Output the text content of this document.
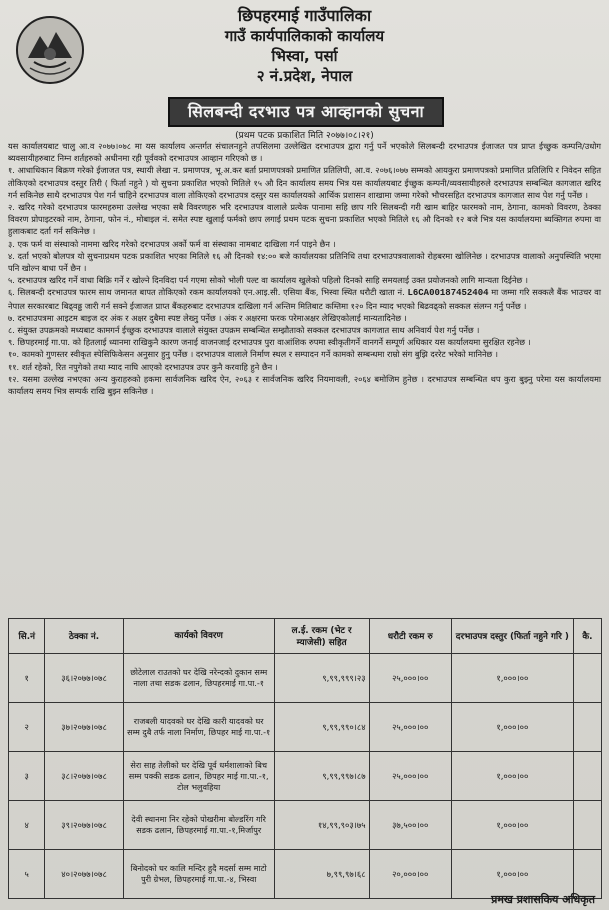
छिपहरमाई गाउँपालिका
गाउँ कार्यपालिकाको कार्यालय
भिस्वा, पर्सा
२ नं.प्रदेश, नेपाल
सिलबन्दी दरभाउ पत्र आव्हानको सुचना
(प्रथम पटक प्रकाशित मिति २०७७।०८।२१)

यस कार्यालयबाट चालु आ.व २०७७।०७८ मा यस कार्यालय अन्तर्गत संचालनहुने तपसिलमा उल्लेखित दरभाउपत्र द्वारा गर्नु पर्ने भएकोले सिलबन्दी दरभाउपत्र ईजाजत पत्र प्राप्त ईच्छुक कम्पनि/उधोग ब्यवसायीहरुबाट निम्न शर्तहरुको अधीनमा रही पूर्ववको दरभाउपत्र आव्हान गरिएको छ ।

१. आधाधिकान बिक्रण गरेको ईजाजत पत्र, स्थायी लेखा न. प्रमाणपत्र, भू.अ.कर बर्ता प्रमाणपत्रको प्रमाणित प्रतिलिपी, आ.व. २०७६।०७७ सम्मको आयकुरा प्रमाणपत्रको प्रमाणित प्रतिलिपि र निवेदन सहित तोकिएको दरभाउपत्र दस्तुर तिरी ( फिर्ता नहुने ) यो सुचना प्रकाशित भएको मितिले १५ औ दिन कार्यालय समय भित्र यस कार्यालयबाट ईच्छुक कम्पनी/व्यवसायीहरुले दरभाउपत्र सम्बन्धित कागजात खरिद गर्न सकिनेछ साथै दरभाउपत्र पेश गर्न चाहिने दरभाउपत्र वाला तोकिएको दरभाउपत्र दस्तुर यस कार्यालयको आर्थिक प्रशासन शाखामा जम्मा गरेको भौचरसहित दरभाउपत्र कागजात साथ पेश गर्नु पर्नेछ ।

२. खरिद गरेको दरभाउपत्र फारमहरुमा उल्लेख भएका सबै विवरणहरु भरि दरभाउपत्र वालाले प्रत्येक पानामा सहि छाप गरि सिलबन्दी गरी खाम बाहिर फारमको नाम, ठेगाना, कामको विवरण, ठेक्का विवरण प्रोपाइटरको नाम, ठेगाना, फोन नं., मोबाइल नं. समेत स्पष्ट खुलाई फर्मको छाप लगाई प्रथम पटक सुचना प्रकाशित भएको मितिले १६ औ दिनको १२ बजे भित्र यस कार्यालयमा ब्यक्तिगत रुपमा वा हुलाकबाट दर्ता गर्न सकिनेछ ।

३. एक फर्म वा संस्थाको नाममा खरिद गरेको दरभाउपत्र अर्को फर्म वा संस्थाका नामबाट दाखिला गर्न पाइने छैन ।

४. दर्ता भएको बोलपत्र यो सुचनाप्रथम पटक प्रकाशित भएका मितिले १६ औ दिनको १४:०० बजे कार्यालयका प्रतिनिधि तथा दरभाउपत्रवालाको रोहबरमा खोलिनेछ । दरभाउपत्र वालाको अनुपस्थिति भएमा पनि खोल्न बाधा पर्ने छैन ।

५. दरभाउपत्र खरिद गर्ने वाधा बिक्रि गर्ने र खोल्ने दिनविदा पर्न गएमा सोको भोली पल्ट वा कार्यालय खुलेको पहिलो दिनको साहि समयलाई उक्त प्रयोजनको लागि मान्यता दिईनेछ ।

६. सिलबन्दी दरभाउपत्र फारम साथ जमानत बापत तोकिएको रकम कार्यालयको एन.आइ.सी. एसिया बैंक, भिस्वा स्थित धरौटी खाता नं. L6CA00187452404 मा जम्मा गरि सक्कलै बैंक भाउचर वा नेपाल सरकारबाट बिढ्वढ्ढ जारी गर्न सक्ने ईजाजत प्राप्त बैंकहरुबाट दरभाउपत्र दाखिला गर्न अन्तिम मितिबाट कम्तिमा १२० दिन म्याद भएको बिढवढ्को सक्कल संलग्न गर्नु पर्नेछ ।

७. दरभाउपत्रमा आइटम बाइज दर अंक र अक्षर दुबैमा स्पष्ट लेख्नु पर्नेछ । अंक र अक्षरमा फरक परेमाअक्षर लेखिएकोलाई मान्यतादिनेछ ।

८. संयुक्त उपक्रमको मध्यबाट कामगर्न ईच्छुक दरभाउपत्र वालाले संयुक्त उपक्रम सम्बन्धित सम्झौताको सक्कल दरभाउपत्र कागजात साथ अनिवार्य पेश गर्नु पर्नेछ ।

९. छिपहरमाई गा.पा. को हितलाई ध्यानमा राखिकुनै कारण जनाई वाजनजाई दरभाउपत्र पुरा वाआंशिक रुपमा स्वीकृतीगर्ने वानगर्ने सम्पूर्ण अधिकार यस कार्यालयमा सुरक्षित रहनेछ ।

१०. कामको गुणस्तर स्वीकृत स्पेसिफिकेसन अनुसार हुनु पर्नेछ । दरभाउपत्र वालाले निर्माण स्थल र सम्पादन गर्ने कामको सम्बन्धमा राम्रो संग बुझि दररेट भरेको मानिनेछ ।

११. शर्त रहेको, रित नपुगेको तथा म्याद नाघि आएको दरभाउपत्र उपर कुनै करवाहि हुने छैन ।

१२. यसमा उल्लेख नभएका अन्य कुराहरुको हकमा सार्वजनिक खरिद ऐन, २०६३ र सार्वजनिक खरिद नियमावली, २०६४ बमोजिम हुनेछ । दरभाउपत्र सम्बन्धित थप कुरा बुझ्नु परेमा यस कार्यालयमा कार्यालय समय भित्र सम्पर्क राखि बुझ्न सकिनेछ ।

सि.नं	ठेक्का नं.	कार्यको विवरण	ल.ई. रकम (भेट र म्याजेसी) सहित	धरौटी रकम रु	दरभाउपत्र दस्तुर (फिर्ता नहुने गरि )	कै.
१	३६।२०७७।०७८	छोटेलाल राउतको घर देखि नरेन्दको दुकान सम्म नाला तथा सडक ढलान, छिपहरमाई गा.पा.-१	९,९९,९९९।२३	२५,०००।००	१,०००।००	
२	३७।२०७७।०७८	राजबली यादवको घर देखि कारी यादवको घर सम्म दुबै तर्फ नाला निर्माण, छिपहर माई गा.पा.-१	९,९९,९९०।८४	२५,०००।००	१,०००।००	
३	३८।२०७७।०७८	सेरा साह तेलीको घर देखि पूर्व धर्मशालाको बिच सम्म पक्की सडक ढलान, छिपहर माई गा.पा.-१, टोल भलुवहिया	९,९९,९९७।८७	२५,०००।००	१,०००।००	
४	३९।२०७७।०७८	देवी स्थानमा निर रहेको पोखरीमा बोल्डरिंग गरि सडक ढलान, छिपहरमाई गा.पा.-१,मिर्जापुर	१४,९९,९०३।७५	३७,५००।००	१,०००।००	
५	४०।२०७७।०७८	बिनोदको घर कालि मन्दिर हुदै मदर्सा सम्म माटो पुरी ग्रेभल, छिपहरमाई गा.पा.-४, भिस्वा	७,९९,९७।६८	२०,०००।००	१,०००।००	
प्रमख प्रशासकिय अधिकृत
